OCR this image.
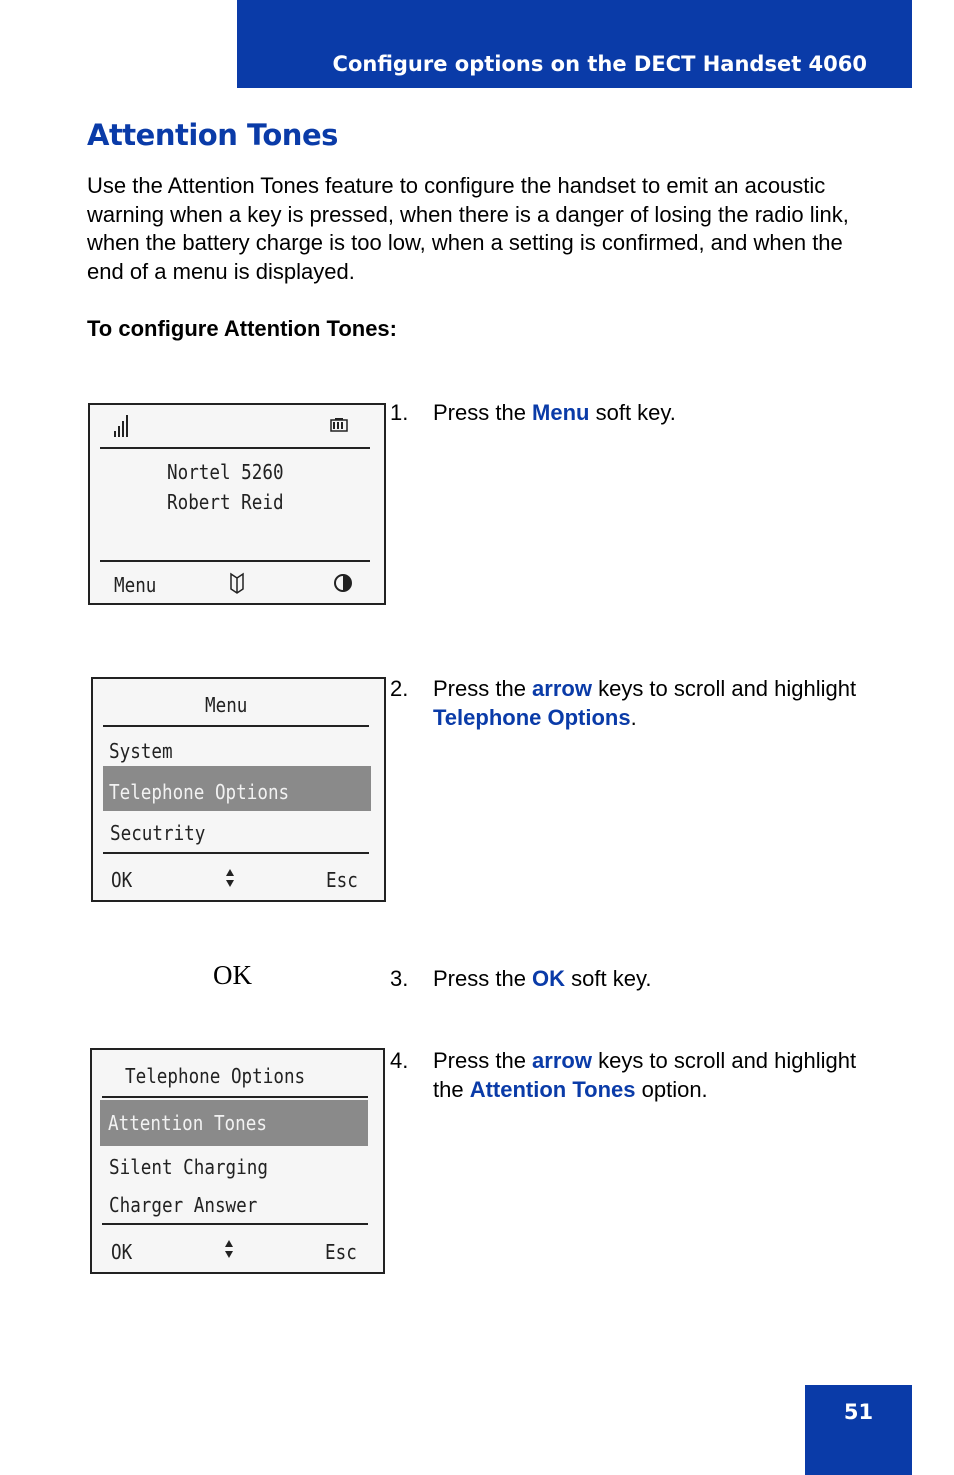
Configure options on the DECT Handset 4060
Attention Tones

Use the Attention Tones feature to configure the handset to emit an acoustic warning when a key is pressed, when there is a danger of losing the radio link, when the battery charge is too low, when a setting is confirmed, and when the end of a menu is displayed.

To configure Attention Tones:

Nortel 5260
Robert Reid
Menu
Menu
System
Telephone Options
Secutrity
OK	Esc
OK
Telephone Options
Attention Tones
Silent Charging
Charger Answer
OK	Esc
1. Press the Menu soft key.
2. Press the arrow keys to scroll and highlight Telephone Options.
3. Press the OK soft key.
4. Press the arrow keys to scroll and highlight the Attention Tones option.
51
